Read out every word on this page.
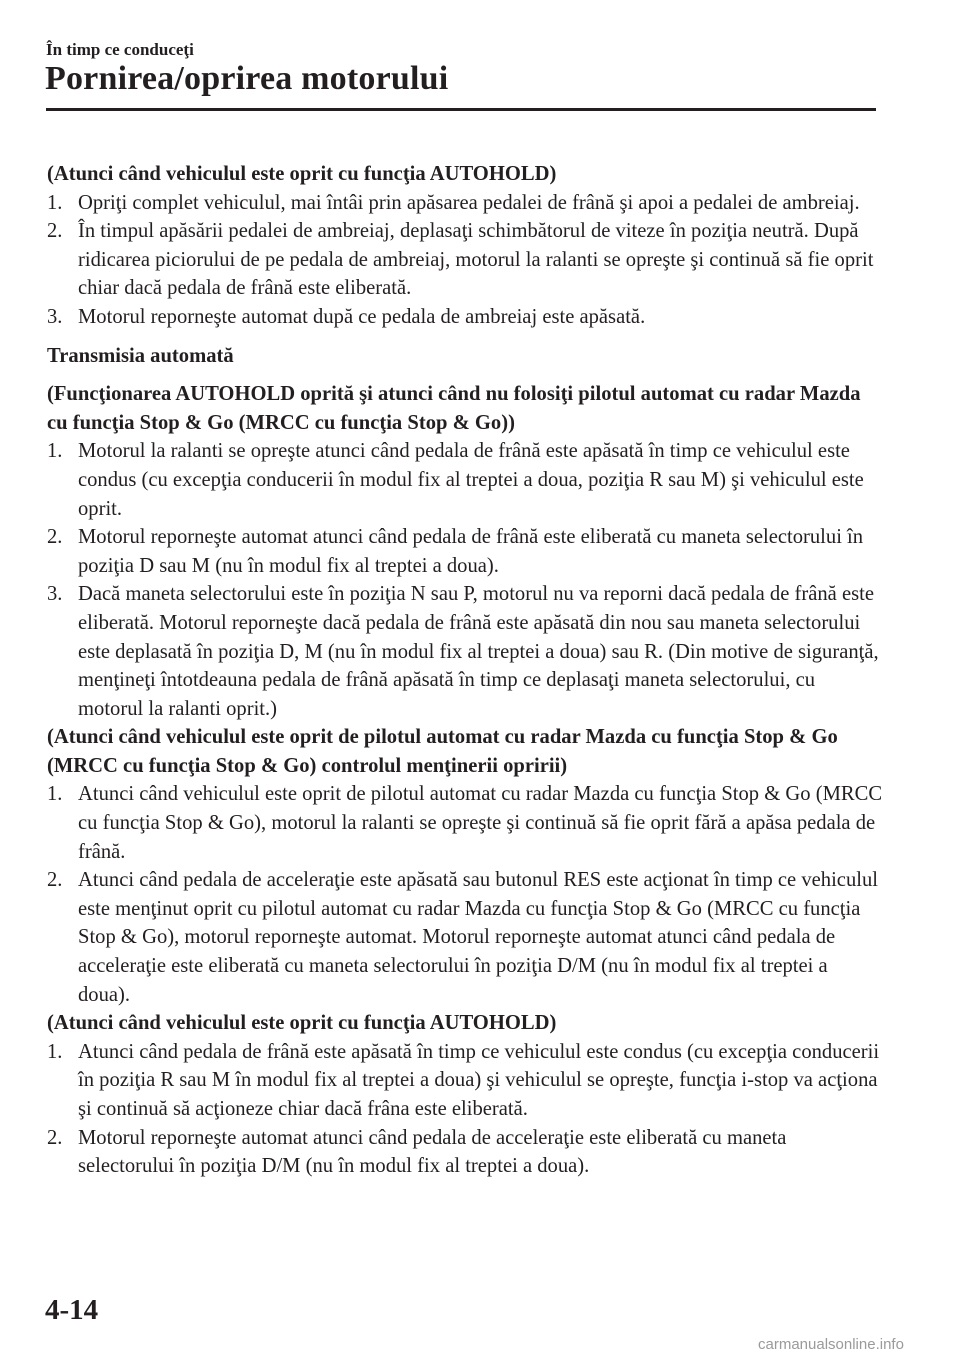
În timp ce conduceţi
Pornirea/oprirea motorului
(Atunci când vehiculul este oprit cu funcţia AUTOHOLD)
1. Opriţi complet vehiculul, mai întâi prin apăsarea pedalei de frână şi apoi a pedalei de ambreiaj.
2. În timpul apăsării pedalei de ambreiaj, deplasaţi schimbătorul de viteze în poziţia neutră. După ridicarea piciorului de pe pedala de ambreiaj, motorul la ralanti se opreşte şi continuă să fie oprit chiar dacă pedala de frână este eliberată.
3. Motorul reporneşte automat după ce pedala de ambreiaj este apăsată.
Transmisia automată
(Funcţionarea AUTOHOLD oprită şi atunci când nu folosiţi pilotul automat cu radar Mazda cu funcţia Stop & Go (MRCC cu funcţia Stop & Go))
1. Motorul la ralanti se opreşte atunci când pedala de frână este apăsată în timp ce vehiculul este condus (cu excepţia conducerii în modul fix al treptei a doua, poziţia R sau M) şi vehiculul este oprit.
2. Motorul reporneşte automat atunci când pedala de frână este eliberată cu maneta selectorului în poziţia D sau M (nu în modul fix al treptei a doua).
3. Dacă maneta selectorului este în poziţia N sau P, motorul nu va reporni dacă pedala de frână este eliberată. Motorul reporneşte dacă pedala de frână este apăsată din nou sau maneta selectorului este deplasată în poziţia D, M (nu în modul fix al treptei a doua) sau R. (Din motive de siguranţă, menţineţi întotdeauna pedala de frână apăsată în timp ce deplasaţi maneta selectorului, cu motorul la ralanti oprit.)
(Atunci când vehiculul este oprit de pilotul automat cu radar Mazda cu funcţia Stop & Go (MRCC cu funcţia Stop & Go) controlul menţinerii opririi)
1. Atunci când vehiculul este oprit de pilotul automat cu radar Mazda cu funcţia Stop & Go (MRCC cu funcţia Stop & Go), motorul la ralanti se opreşte şi continuă să fie oprit fără a apăsa pedala de frână.
2. Atunci când pedala de acceleraţie este apăsată sau butonul RES este acţionat în timp ce vehiculul este menţinut oprit cu pilotul automat cu radar Mazda cu funcţia Stop & Go (MRCC cu funcţia Stop & Go), motorul reporneşte automat. Motorul reporneşte automat atunci când pedala de acceleraţie este eliberată cu maneta selectorului în poziţia D/M (nu în modul fix al treptei a doua).
(Atunci când vehiculul este oprit cu funcţia AUTOHOLD)
1. Atunci când pedala de frână este apăsată în timp ce vehiculul este condus (cu excepţia conducerii în poziţia R sau M în modul fix al treptei a doua) şi vehiculul se opreşte, funcţia i-stop va acţiona şi continuă să acţioneze chiar dacă frâna este eliberată.
2. Motorul reporneşte automat atunci când pedala de acceleraţie este eliberată cu maneta selectorului în poziţia D/M (nu în modul fix al treptei a doua).
4-14
carmanualsonline.info
